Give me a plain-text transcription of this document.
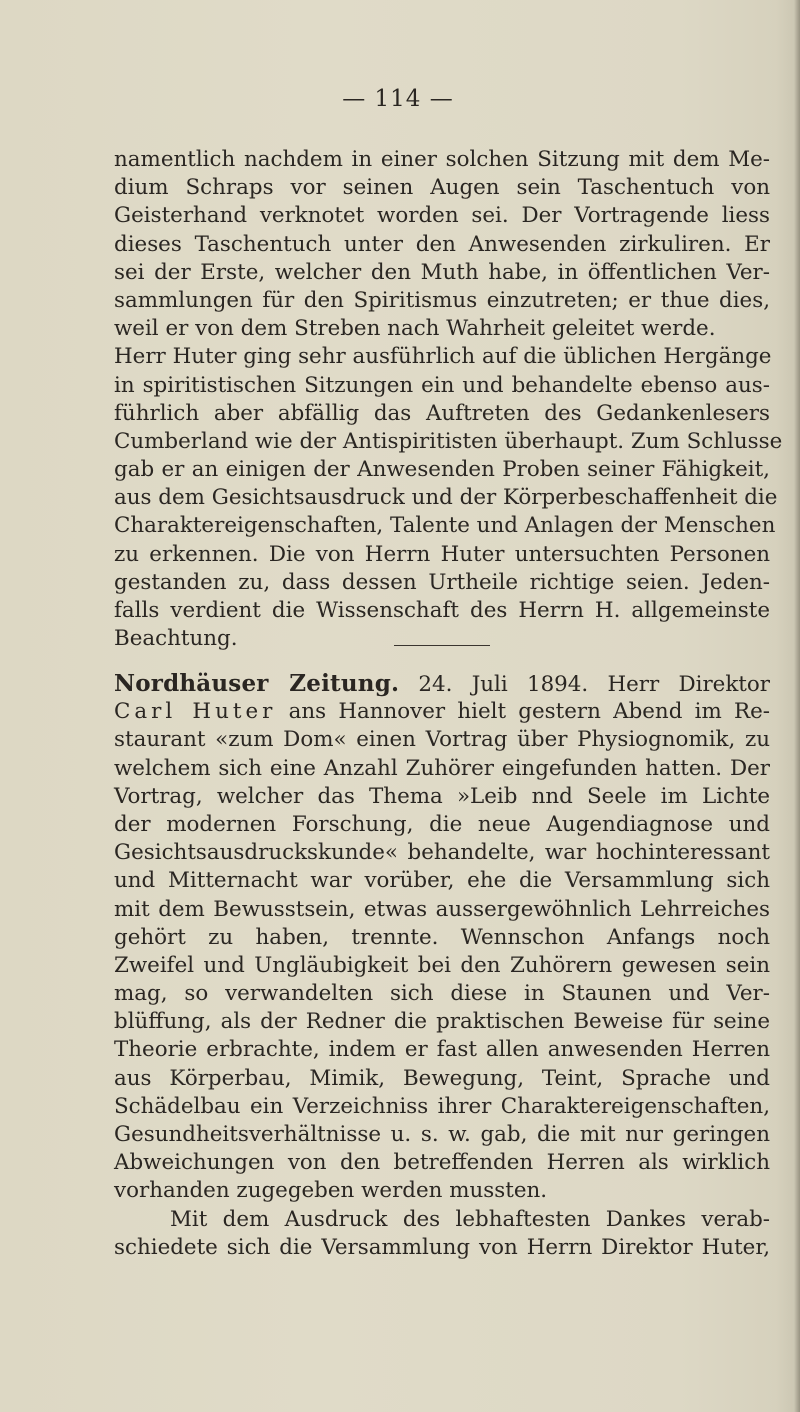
— 114 —
namentlich nachdem in einer solchen Sitzung mit dem Me-
dium Schraps vor seinen Augen sein Taschentuch von
Geisterhand verknotet worden sei. Der Vortragende liess
dieses Taschentuch unter den Anwesenden zirkuliren. Er
sei der Erste, welcher den Muth habe, in öffentlichen Ver-
sammlungen für den Spiritismus einzutreten; er thue dies,
weil er von dem Streben nach Wahrheit geleitet werde.
Herr Huter ging sehr ausführlich auf die üblichen Hergänge
in spiritistischen Sitzungen ein und behandelte ebenso aus-
führlich aber abfällig das Auftreten des Gedankenlesers
Cumberland wie der Antispiritisten überhaupt. Zum Schlusse
gab er an einigen der Anwesenden Proben seiner Fähigkeit,
aus dem Gesichtsausdruck und der Körperbeschaffenheit die
Charaktereigenschaften, Talente und Anlagen der Menschen
zu erkennen. Die von Herrn Huter untersuchten Personen
gestanden zu, dass dessen Urtheile richtige seien. Jeden-
falls verdient die Wissenschaft des Herrn H. allgemeinste
Beachtung.
Nordhäuser Zeitung. 24. Juli 1894. Herr Direktor
Carl Huter ans Hannover hielt gestern Abend im Re-
staurant «zum Dom« einen Vortrag über Physiognomik, zu
welchem sich eine Anzahl Zuhörer eingefunden hatten. Der
Vortrag, welcher das Thema »Leib nnd Seele im Lichte
der modernen Forschung, die neue Augendiagnose und
Gesichtsausdruckskunde« behandelte, war hochinteressant
und Mitternacht war vorüber, ehe die Versammlung sich
mit dem Bewusstsein, etwas aussergewöhnlich Lehrreiches
gehört zu haben, trennte. Wennschon Anfangs noch
Zweifel und Ungläubigkeit bei den Zuhörern gewesen sein
mag, so verwandelten sich diese in Staunen und Ver-
blüffung, als der Redner die praktischen Beweise für seine
Theorie erbrachte, indem er fast allen anwesenden Herren
aus Körperbau, Mimik, Bewegung, Teint, Sprache und
Schädelbau ein Verzeichniss ihrer Charaktereigenschaften,
Gesundheitsverhältnisse u. s. w. gab, die mit nur geringen
Abweichungen von den betreffenden Herren als wirklich
vorhanden zugegeben werden mussten.
Mit dem Ausdruck des lebhaftesten Dankes verab-
schiedete sich die Versammlung von Herrn Direktor Huter,
